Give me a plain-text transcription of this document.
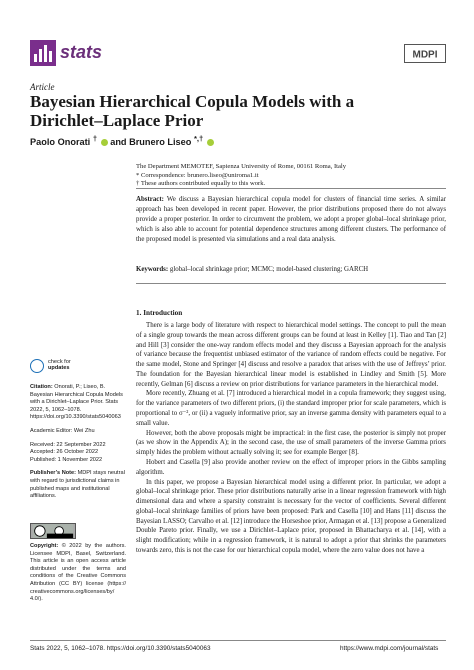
stats	MDPI
Article
Bayesian Hierarchical Copula Models with a Dirichlet–Laplace Prior
Paolo Onorati † and Brunero Liseo *,†
The Department MEMOTEF, Sapienza University of Rome, 00161 Roma, Italy
* Correspondence: brunero.liseo@uniroma1.it
† These authors contributed equally to this work.
Abstract: We discuss a Bayesian hierarchical copula model for clusters of financial time series. A similar approach has been developed in recent paper. However, the prior distributions proposed there do not always provide a proper posterior. In order to circumvent the problem, we adopt a proper global–local shrinkage prior, which is also able to account for potential dependence structures among different clusters. The performance of the proposed model is presented via simulations and a real data analysis.
Keywords: global–local shrinkage prior; MCMC; model-based clustering; GARCH
1. Introduction

There is a large body of literature with respect to hierarchical model settings. The concept to pull the mean of a single group towards the mean across different groups can be found at least in Kelley [1]. Tiao and Tan [2] and Hill [3] consider the one-way random effects model and they discuss a Bayesian approach for the analysis of variance because the frequentist unbiased estimator of the variance of random effects could be negative. For the same model, Stone and Springer [4] discuss and resolve a paradox that arises with the use of Jeffreys’ prior. The foundation for the Bayesian hierarchical linear model is established in Lindley and Smith [5]. More recently, Gelman [6] discuss a review on prior distributions for variance parameters in the hierarchical model.

More recently, Zhuang et al. [7] introduced a hierarchical model in a copula framework; they suggest using, for the variance parameters of two different priors, (i) the standard improper prior for scale parameters, which is proportional to σ⁻², or (ii) a vaguely informative prior, say an inverse gamma density with parameters equal to a small value.

However, both the above proposals might be impractical: in the first case, the posterior is simply not proper (as we show in the Appendix A); in the second case, the use of small parameters of the inverse Gamma priors simply hides the problem without actually solving it; see for example Berger [8].

Hobert and Casella [9] also provide another review on the effect of improper priors in the Gibbs sampling algorithm.

In this paper, we propose a Bayesian hierarchical model using a different prior. In particular, we adopt a global–local shrinkage prior. These prior distributions naturally arise in a linear regression framework with high dimensional data and where a sparsity constraint is necessary for the vector of coefficients. Several different global–local shrinkage families of priors have been proposed: Park and Casella [10] and Hans [11] discuss the Bayesian LASSO; Carvalho et al. [12] introduce the Horseshoe prior, Armagan et al. [13] propose a Generalized Double Pareto prior. Finally, we use a Dirichlet–Laplace prior, proposed in Bhattacharya et al. [14], with a slight modification; while in a regression framework, it is natural to adopt a prior that shrinks the parameters towards zero, this is not the case for our hierarchical copula model, where the zero value does not have a

check for
updates

Citation: Onorati, P.; Liseo, B. Bayesian Hierarchical Copula Models with a Dirichlet–Laplace Prior. Stats 2022, 5, 1062–1078. https://doi.org/10.3390/stats5040063

Academic Editor: Wei Zhu

Received: 22 September 2022
Accepted: 26 October 2022
Published: 1 November 2022

Publisher’s Note: MDPI stays neutral with regard to jurisdictional claims in published maps and institutional affiliations.

Copyright: © 2022 by the authors. Licensee MDPI, Basel, Switzerland. This article is an open access article distributed under the terms and conditions of the Creative Commons Attribution (CC BY) license (https:// creativecommons.org/licenses/by/ 4.0/).
Stats 2022, 5, 1062–1078. https://doi.org/10.3390/stats5040063	https://www.mdpi.com/journal/stats
